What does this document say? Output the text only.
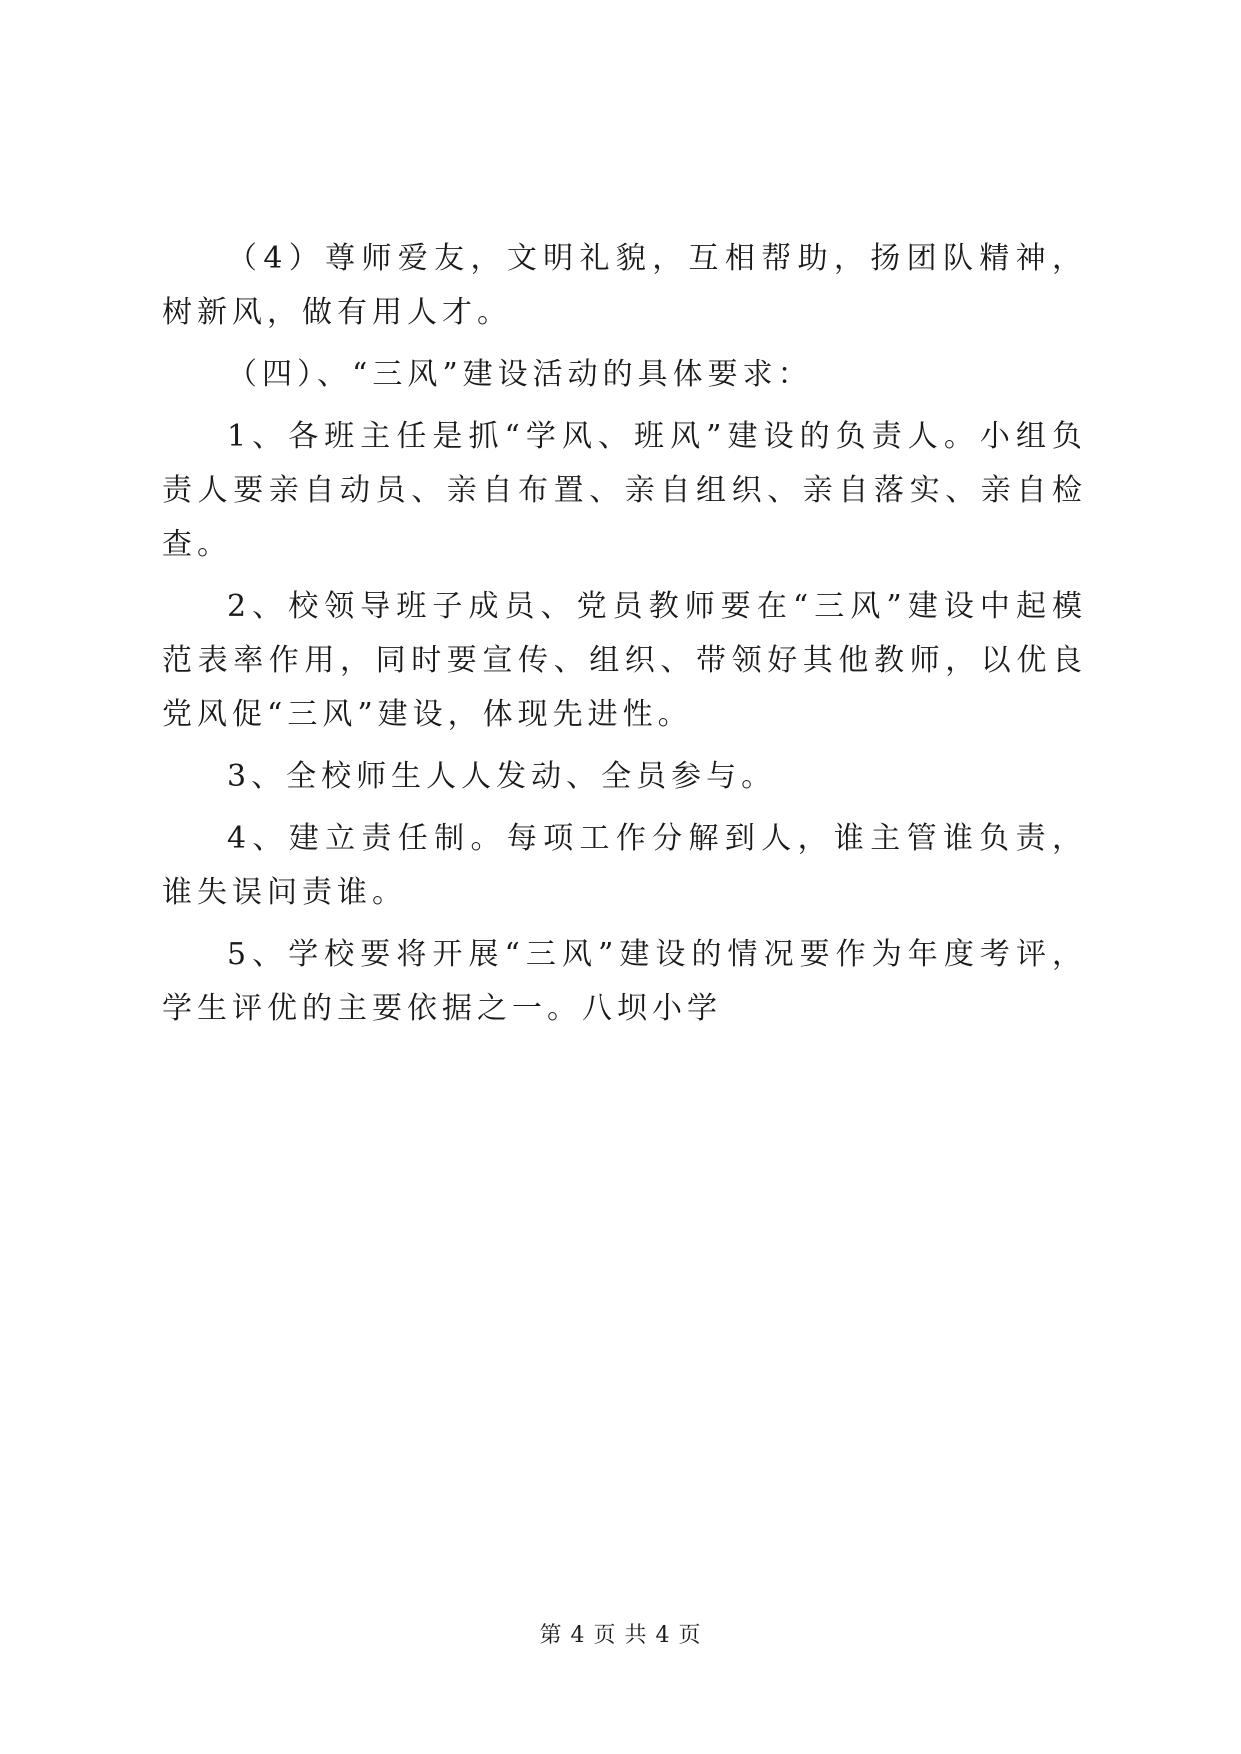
（4）尊师爱友，文明礼貌，互相帮助，扬团队精神，树新风，做有用人才。

（四）、“三风”建设活动的具体要求：

1、各班主任是抓“学风、班风”建设的负责人。小组负责人要亲自动员、亲自布置、亲自组织、亲自落实、亲自检查。

2、校领导班子成员、党员教师要在“三风”建设中起模范表率作用，同时要宣传、组织、带领好其他教师，以优良党风促“三风”建设，体现先进性。

3、全校师生人人发动、全员参与。

4、建立责任制。每项工作分解到人，谁主管谁负责，谁失误问责谁。

5、学校要将开展“三风”建设的情况要作为年度考评，学生评优的主要依据之一。八坝小学

第 4 页 共 4 页
